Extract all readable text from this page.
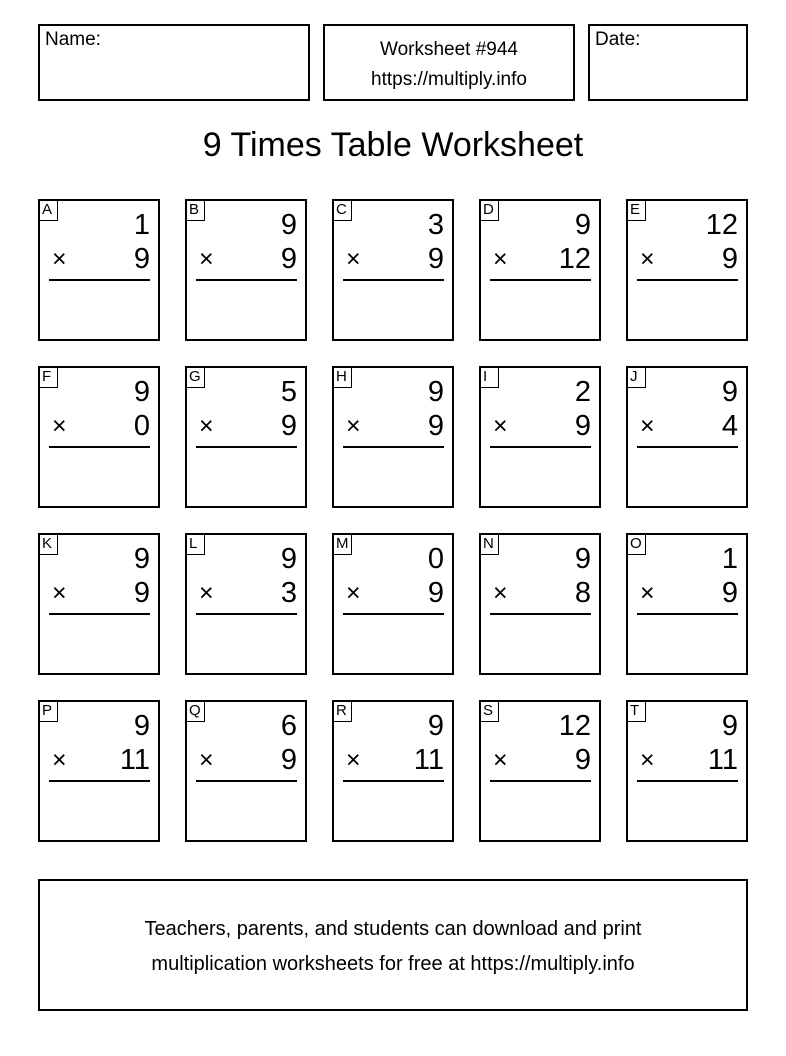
Name:	Worksheet #944
https://multiply.info
Date:
9 Times Table Worksheet
A	1
× 9
B	9
× 9
C	3
× 9
D	9
× 12
E 12
× 9
F	9
× 0
G	5
× 9
H	9
× 9
I	2
× 9
J	9
× 4
K	9
× 9
L	9
× 3
M	0
× 9
N	9
× 8
O	1
× 9
P	9
× 11
Q	6
× 9
R	9
× 11
S 12
× 9
T	9
× 11
Teachers, parents, and students can download and print
multiplication worksheets for free at https://multiply.info
